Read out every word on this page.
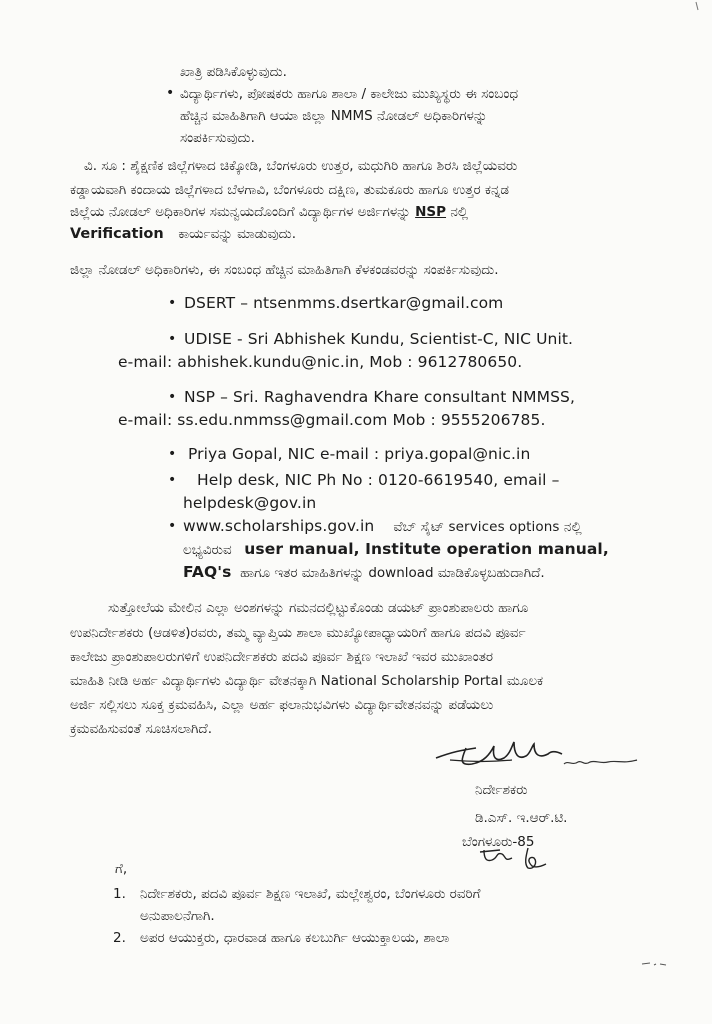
ಖಾತ್ರಿ ಪಡಿಸಿಕೊಳ್ಳುವುದು.
• ವಿದ್ಯಾರ್ಥಿಗಳು, ಪೋಷಕರು ಹಾಗೂ ಶಾಲಾ / ಕಾಲೇಜು ಮುಖ್ಯಸ್ಥರು ಈ ಸಂಬಂಧ
ಹೆಚ್ಚಿನ ಮಾಹಿತಿಗಾಗಿ ಆಯಾ ಜಿಲ್ಲಾ NMMS ನೋಡಲ್ ಅಧಿಕಾರಿಗಳನ್ನು
ಸಂಪರ್ಕಿಸುವುದು.
ವಿ. ಸೂ : ಶೈಕ್ಷಣಿಕ ಜಿಲ್ಲೆಗಳಾದ ಚಿಕ್ಕೋಡಿ, ಬೆಂಗಳೂರು ಉತ್ತರ, ಮಧುಗಿರಿ ಹಾಗೂ ಶಿರಸಿ ಜಿಲ್ಲೆಯವರು
ಕಡ್ಡಾಯವಾಗಿ ಕಂದಾಯ ಜಿಲ್ಲೆಗಳಾದ ಬೆಳಗಾವಿ, ಬೆಂಗಳೂರು ದಕ್ಷಿಣ, ತುಮಕೂರು ಹಾಗೂ ಉತ್ತರ ಕನ್ನಡ
ಜಿಲ್ಲೆಯ ನೋಡಲ್ ಅಧಿಕಾರಿಗಳ ಸಮನ್ವಯದೊಂದಿಗೆ ವಿದ್ಯಾರ್ಥಿಗಳ ಅರ್ಜಿಗಳನ್ನು NSP ನಲ್ಲಿ
Verification ಕಾರ್ಯವನ್ನು ಮಾಡುವುದು.
ಜಿಲ್ಲಾ ನೋಡಲ್ ಅಧಿಕಾರಿಗಳು, ಈ ಸಂಬಂಧ ಹೆಚ್ಚಿನ ಮಾಹಿತಿಗಾಗಿ ಕೆಳಕಂಡವರನ್ನು ಸಂಪರ್ಕಿಸುವುದು.
• DSERT – ntsenmms.dsertkar@gmail.com
• UDISE - Sri Abhishek Kundu, Scientist-C, NIC Unit.
e-mail: abhishek.kundu@nic.in, Mob : 9612780650.
• NSP – Sri. Raghavendra Khare consultant NMMSS,
e-mail: ss.edu.nmmss@gmail.com Mob : 9555206785.
• Priya Gopal, NIC e-mail : priya.gopal@nic.in
• Help desk, NIC Ph No : 0120-6619540, email –
helpdesk@gov.in
• www.scholarships.gov.in ವೆಬ್ ಸೈಟ್ services options ನಲ್ಲಿ
ಲಭ್ಯವಿರುವ user manual, Institute operation manual,
FAQ's ಹಾಗೂ ಇತರ ಮಾಹಿತಿಗಳನ್ನು download ಮಾಡಿಕೊಳ್ಳಬಹುದಾಗಿದೆ.
ಸುತ್ತೋಲೆಯ ಮೇಲಿನ ಎಲ್ಲಾ ಅಂಶಗಳನ್ನು ಗಮನದಲ್ಲಿಟ್ಟುಕೊಂಡು ಡಯಟ್ ಪ್ರಾಂಶುಪಾಲರು ಹಾಗೂ
ಉಪನಿರ್ದೇಶಕರು (ಆಡಳಿತ)ರವರು, ತಮ್ಮ ವ್ಯಾಪ್ತಿಯ ಶಾಲಾ ಮುಖ್ಯೋಪಾಧ್ಯಾಯರಿಗೆ ಹಾಗೂ ಪದವಿ ಪೂರ್ವ
ಕಾಲೇಜು ಪ್ರಾಂಶುಪಾಲರುಗಳಿಗೆ ಉಪನಿರ್ದೇಶಕರು ಪದವಿ ಪೂರ್ವ ಶಿಕ್ಷಣ ಇಲಾಖೆ ಇವರ ಮುಖಾಂತರ
ಮಾಹಿತಿ ನೀಡಿ ಅರ್ಹ ವಿದ್ಯಾರ್ಥಿಗಳು ವಿದ್ಯಾರ್ಥಿ ವೇತನಕ್ಕಾಗಿ National Scholarship Portal ಮೂಲಕ
ಅರ್ಜಿ ಸಲ್ಲಿಸಲು ಸೂಕ್ತ ಕ್ರಮವಹಿಸಿ, ಎಲ್ಲಾ ಅರ್ಹ ಫಲಾನುಭವಿಗಳು ವಿದ್ಯಾರ್ಥಿವೇತನವನ್ನು ಪಡೆಯಲು
ಕ್ರಮವಹಿಸುವಂತೆ ಸೂಚಿಸಲಾಗಿದೆ.
ನಿರ್ದೇಶಕರು
ಡಿ.ಎಸ್. ಇ.ಆರ್.ಟಿ.
ಬೆಂಗಳೂರು-85
ಗೆ,
1. ನಿರ್ದೇಶಕರು, ಪದವಿ ಪೂರ್ವ ಶಿಕ್ಷಣ ಇಲಾಖೆ, ಮಲ್ಲೇಶ್ವರಂ, ಬೆಂಗಳೂರು ರವರಿಗೆ
ಅನುಪಾಲನೆಗಾಗಿ.
2. ಅಪರ ಆಯುಕ್ತರು, ಧಾರವಾಡ ಹಾಗೂ ಕಲಬುರ್ಗಿ ಆಯುಕ್ತಾಲಯ, ಶಾಲಾ
